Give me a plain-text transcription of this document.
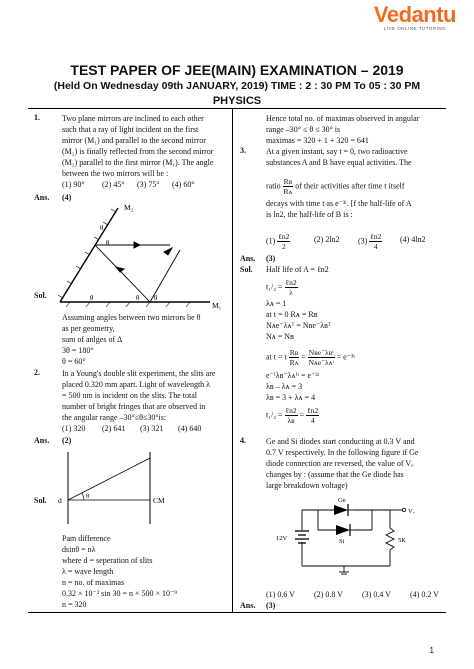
Vedantu
LIVE ONLINE TUTORING
TEST PAPER OF JEE(MAIN) EXAMINATION – 2019
(Held On Wednesday 09th JANUARY, 2019) TIME : 2 : 30 PM To 05 : 30 PM
PHYSICS
1.	Two plane mirrors are inclined to each other
such that a ray of light incident on the first
mirror (M₁) and parallel to the second mirror
(M₂) is finally reflected from the second mirror
(M₂) parallel to the first mirror (M₁). The angle
between the two mirrors will be :
(1) 90° (2) 45° (3) 75° (4) 60°
Ans. (4)
M₂
M₁
θ
θ
θ	θ θ
Sol.
Assuming angles between two mirrors be θ
as per geometry,
sum of anlges of Δ
3θ = 180°
θ = 60°
2.	In a Young's double slit experiment, the slits are
placed 0.320 mm apart. Light of wavelength λ
= 500 nm is incident on the slits. The total
number of bright fringes that are observed in
the angular range –30°≤θ≤30°is:
(1) 320 (2) 641 (3) 321 (4) 640
Ans. (2)
d	θ	CM
Sol.
Pam difference
dsinθ = nλ
where d = seperation of slits
λ = wave length
n = no. of maximas
0.32 × 10⁻³ sin 30 = n × 500 × 10⁻⁹
n = 320
Hence total no. of maximas observed in angular
range –30° ≤ θ ≤ 30° is
maximas = 320 + 1 + 320 = 641
3.	At a given instant, say t = 0, two radioactive
substances A and B have equal activities. The
ratio $\frac{\text{Rʙ}}{\text{Rᴀ}}$ of their activities after time t itself
decays with time t as e⁻³ᵗ. [f the half-life of A
is ln2, the half-life of B is :
$(1) \frac{\text{ℓn2}}{2}$	(2) 2ln2 $(3) \frac{\text{ℓn2}}{4} (4)$ 4ln2
Ans. (3)
Sol. Half life of A = ℓn2
$t_1/_2 = \frac{\text{ℓn2}}{\lambda}$
λᴀ = 1
at t = 0 Rᴀ = Rʙ
Nᴀe⁻λᴀᵀ = Nʙe⁻λʙᵀ
Nᴀ = Nʙ
at t = t $\frac{\text{Rʙ}}{\text{Rᴀ}} = \frac{\text{Nʙe⁻λʙᵗ}}{\text{Nᴀe⁻λᴀᵗ}}$ = e⁻³ᵗ
e⁻⁽λʙ⁻λᴀ⁾ᵗ = e⁻³ᵗ
λʙ – λᴀ = 3
λʙ = 3 + λᴀ = 4
$t_1/_2 = \frac{\text{ℓn2}}{\text{λʙ}} = \frac{\text{ℓn2}}{4}$
4.	Ge and Si diodes start conducting at 0.3 V and
0.7 V respectively. In the following figure if Ge
diode connection are reversed, the value of Vₒ
changes by : (assume that the Ge diode has
large breakdown voltage)
Ge
Si
12V	5K
Vₒ
(1) 0.6 V (2) 0.8 V (3) 0.4 V (4) 0.2 V
Ans. (3)
1
